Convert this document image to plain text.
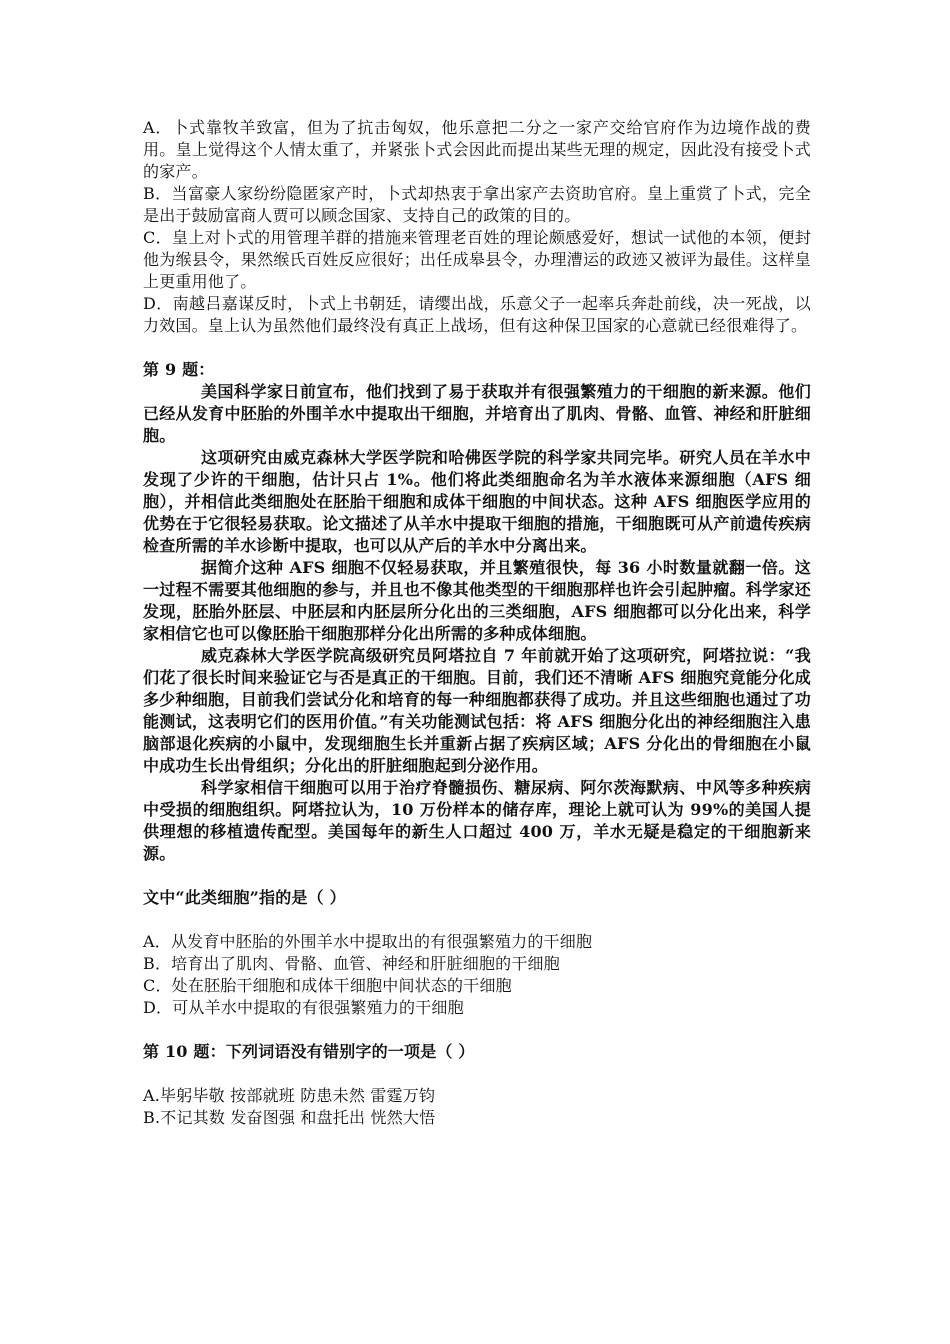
A．卜式靠牧羊致富，但为了抗击匈奴，他乐意把二分之一家产交给官府作为边境作战的费用。皇上觉得这个人情太重了，并紧张卜式会因此而提出某些无理的规定，因此没有接受卜式的家产。

B．当富豪人家纷纷隐匿家产时，卜式却热衷于拿出家产去资助官府。皇上重赏了卜式，完全是出于鼓励富商人贾可以顾念国家、支持自己的政策的目的。

C．皇上对卜式的用管理羊群的措施来管理老百姓的理论颇感爱好，想试一试他的本领，便封他为缑县令，果然缑氏百姓反应很好；出任成皋县令，办理漕运的政迹又被评为最佳。这样皇上更重用他了。

D．南越吕嘉谋反时，卜式上书朝廷，请缨出战，乐意父子一起率兵奔赴前线，决一死战，以力效国。皇上认为虽然他们最终没有真正上战场，但有这种保卫国家的心意就已经很难得了。

第 9 题：

美国科学家日前宣布，他们找到了易于获取并有很强繁殖力的干细胞的新来源。他们已经从发育中胚胎的外围羊水中提取出干细胞，并培育出了肌肉、骨骼、血管、神经和肝脏细胞。

这项研究由威克森林大学医学院和哈佛医学院的科学家共同完毕。研究人员在羊水中发现了少许的干细胞，估计只占 1%。他们将此类细胞命名为羊水液体来源细胞（AFS 细胞），并相信此类细胞处在胚胎干细胞和成体干细胞的中间状态。这种 AFS 细胞医学应用的优势在于它很轻易获取。论文描述了从羊水中提取干细胞的措施，干细胞既可从产前遗传疾病检查所需的羊水诊断中提取，也可以从产后的羊水中分离出来。

据简介这种 AFS 细胞不仅轻易获取，并且繁殖很快，每 36 小时数量就翻一倍。这一过程不需要其他细胞的参与，并且也不像其他类型的干细胞那样也许会引起肿瘤。科学家还发现，胚胎外胚层、中胚层和内胚层所分化出的三类细胞，AFS 细胞都可以分化出来，科学家相信它也可以像胚胎干细胞那样分化出所需的多种成体细胞。

威克森林大学医学院高级研究员阿塔拉自 7 年前就开始了这项研究，阿塔拉说：“我们花了很长时间来验证它与否是真正的干细胞。目前，我们还不清晰 AFS 细胞究竟能分化成多少种细胞，目前我们尝试分化和培育的每一种细胞都获得了成功。并且这些细胞也通过了功能测试，这表明它们的医用价值。”有关功能测试包括：将 AFS 细胞分化出的神经细胞注入患脑部退化疾病的小鼠中，发现细胞生长并重新占据了疾病区域；AFS 分化出的骨细胞在小鼠中成功生长出骨组织；分化出的肝脏细胞起到分泌作用。

科学家相信干细胞可以用于治疗脊髓损伤、糖尿病、阿尔茨海默病、中风等多种疾病中受损的细胞组织。阿塔拉认为，10 万份样本的储存库，理论上就可认为 99%的美国人提供理想的移植遗传配型。美国每年的新生人口超过 400 万，羊水无疑是稳定的干细胞新来源。

文中“此类细胞”指的是（ ）

A．从发育中胚胎的外围羊水中提取出的有很强繁殖力的干细胞

B．培育出了肌肉、骨骼、血管、神经和肝脏细胞的干细胞

C．处在胚胎干细胞和成体干细胞中间状态的干细胞

D．可从羊水中提取的有很强繁殖力的干细胞

第 10 题：下列词语没有错别字的一项是（ ）

A.毕躬毕敬 按部就班 防患未然 雷霆万钧

B.不记其数 发奋图强 和盘托出 恍然大悟
